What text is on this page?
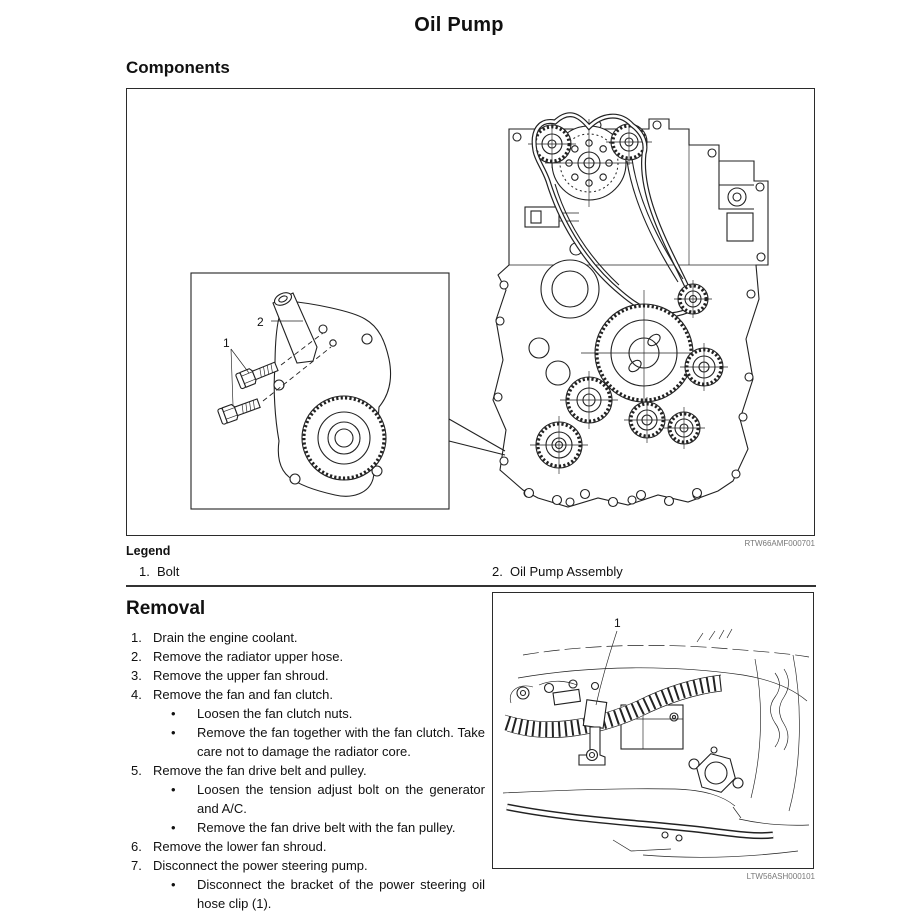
Oil Pump
Components
1
2
RTW66AMF000701
Legend
1. Bolt	2. Oil Pump Assembly
Removal
1. Drain the engine coolant.
2. Remove the radiator upper hose.
3. Remove the upper fan shroud.
4. Remove the fan and fan clutch.
•	Loosen the fan clutch nuts.
•	Remove the fan together with the fan clutch. Take care not to damage the radiator core.
5. Remove the fan drive belt and pulley.
•	Loosen the tension adjust bolt on the generator and A/C.
•	Remove the fan drive belt with the fan pulley.
6. Remove the lower fan shroud.
7. Disconnect the power steering pump.
•	Disconnect the bracket of the power steering oil hose clip (1).
1
LTW56ASH000101
